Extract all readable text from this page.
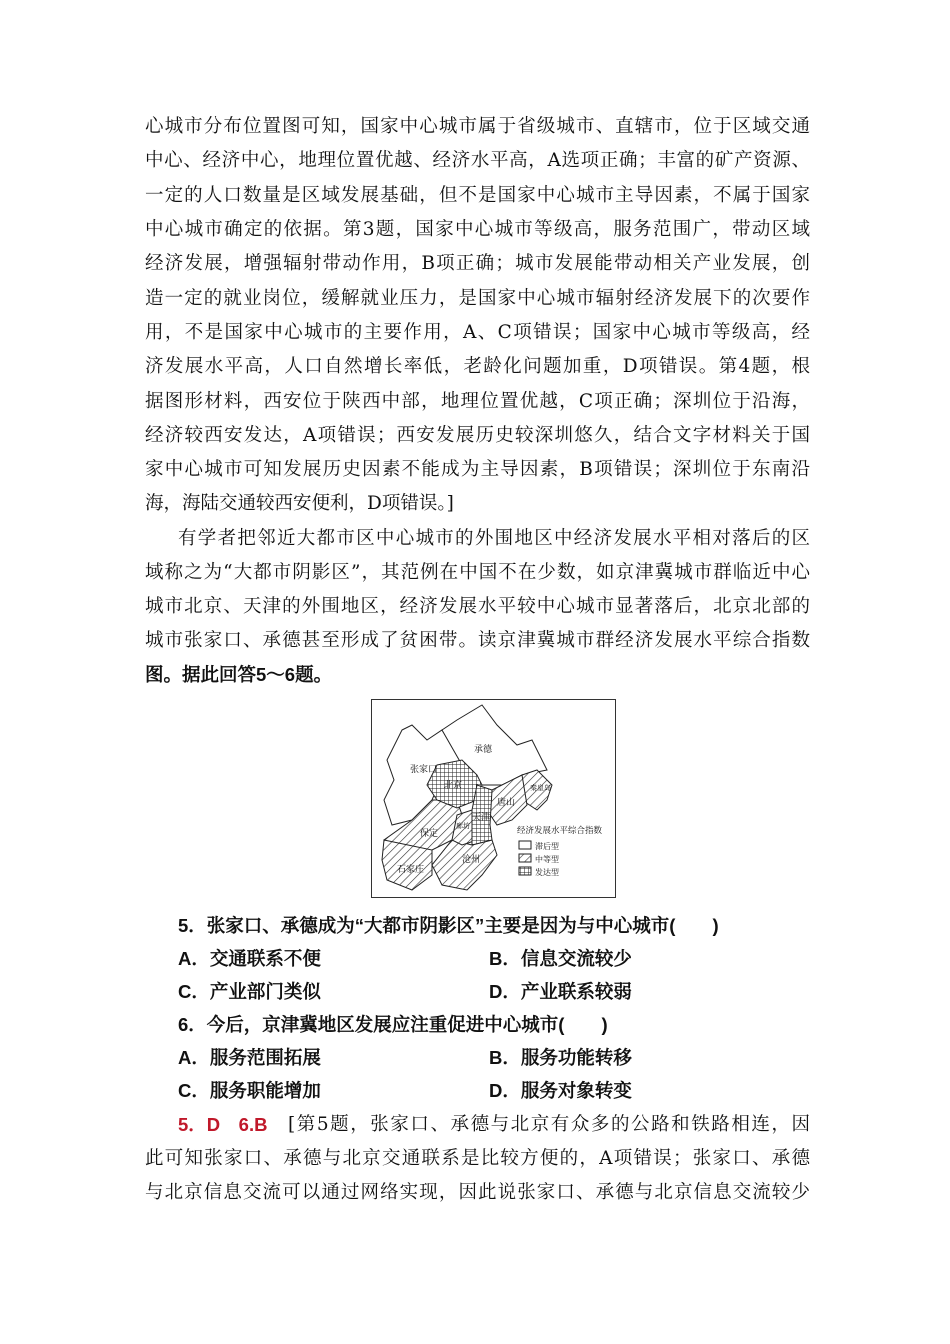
心城市分布位置图可知，国家中心城市属于省级城市、直辖市，位于区域交通
中心、经济中心，地理位置优越、经济水平高，A选项正确；丰富的矿产资源、
一定的人口数量是区域发展基础，但不是国家中心城市主导因素，不属于国家
中心城市确定的依据。第3题，国家中心城市等级高，服务范围广，带动区域
经济发展，增强辐射带动作用，B项正确；城市发展能带动相关产业发展，创
造一定的就业岗位，缓解就业压力，是国家中心城市辐射经济发展下的次要作
用，不是国家中心城市的主要作用，A、C项错误；国家中心城市等级高，经
济发展水平高，人口自然增长率低，老龄化问题加重，D项错误。第4题，根
据图形材料，西安位于陕西中部，地理位置优越，C项正确；深圳位于沿海，
经济较西安发达，A项错误；西安发展历史较深圳悠久，结合文字材料关于国
家中心城市可知发展历史因素不能成为主导因素，B项错误；深圳位于东南沿
海，海陆交通较西安便利，D项错误。]
有学者把邻近大都市区中心城市的外围地区中经济发展水平相对落后的区
域称之为“大都市阴影区”，其范例在中国不在少数，如京津冀城市群临近中心
城市北京、天津的外围地区，经济发展水平较中心城市显著落后，北京北部的
城市张家口、承德甚至形成了贫困带。读京津冀城市群经济发展水平综合指数
图。据此回答5～6题。
张家口
承德
北京
天津
唐山
秦皇岛
保定
廊坊
沧州
石家庄
经济发展水平综合指数
滞后型
中等型
发达型
5．张家口、承德成为“大都市阴影区”主要是因为与中心城市(　　)
A．交通联系不便	B．信息交流较少
C．产业部门类似	D．产业联系较弱
6．今后，京津冀地区发展应注重促进中心城市(　　)
A．服务范围拓展	B．服务功能转移
C．服务职能增加	D．服务对象转变
5．D　6.B [第5题，张家口、承德与北京有众多的公路和铁路相连，因
此可知张家口、承德与北京交通联系是比较方便的，A项错误；张家口、承德
与北京信息交流可以通过网络实现，因此说张家口、承德与北京信息交流较少
